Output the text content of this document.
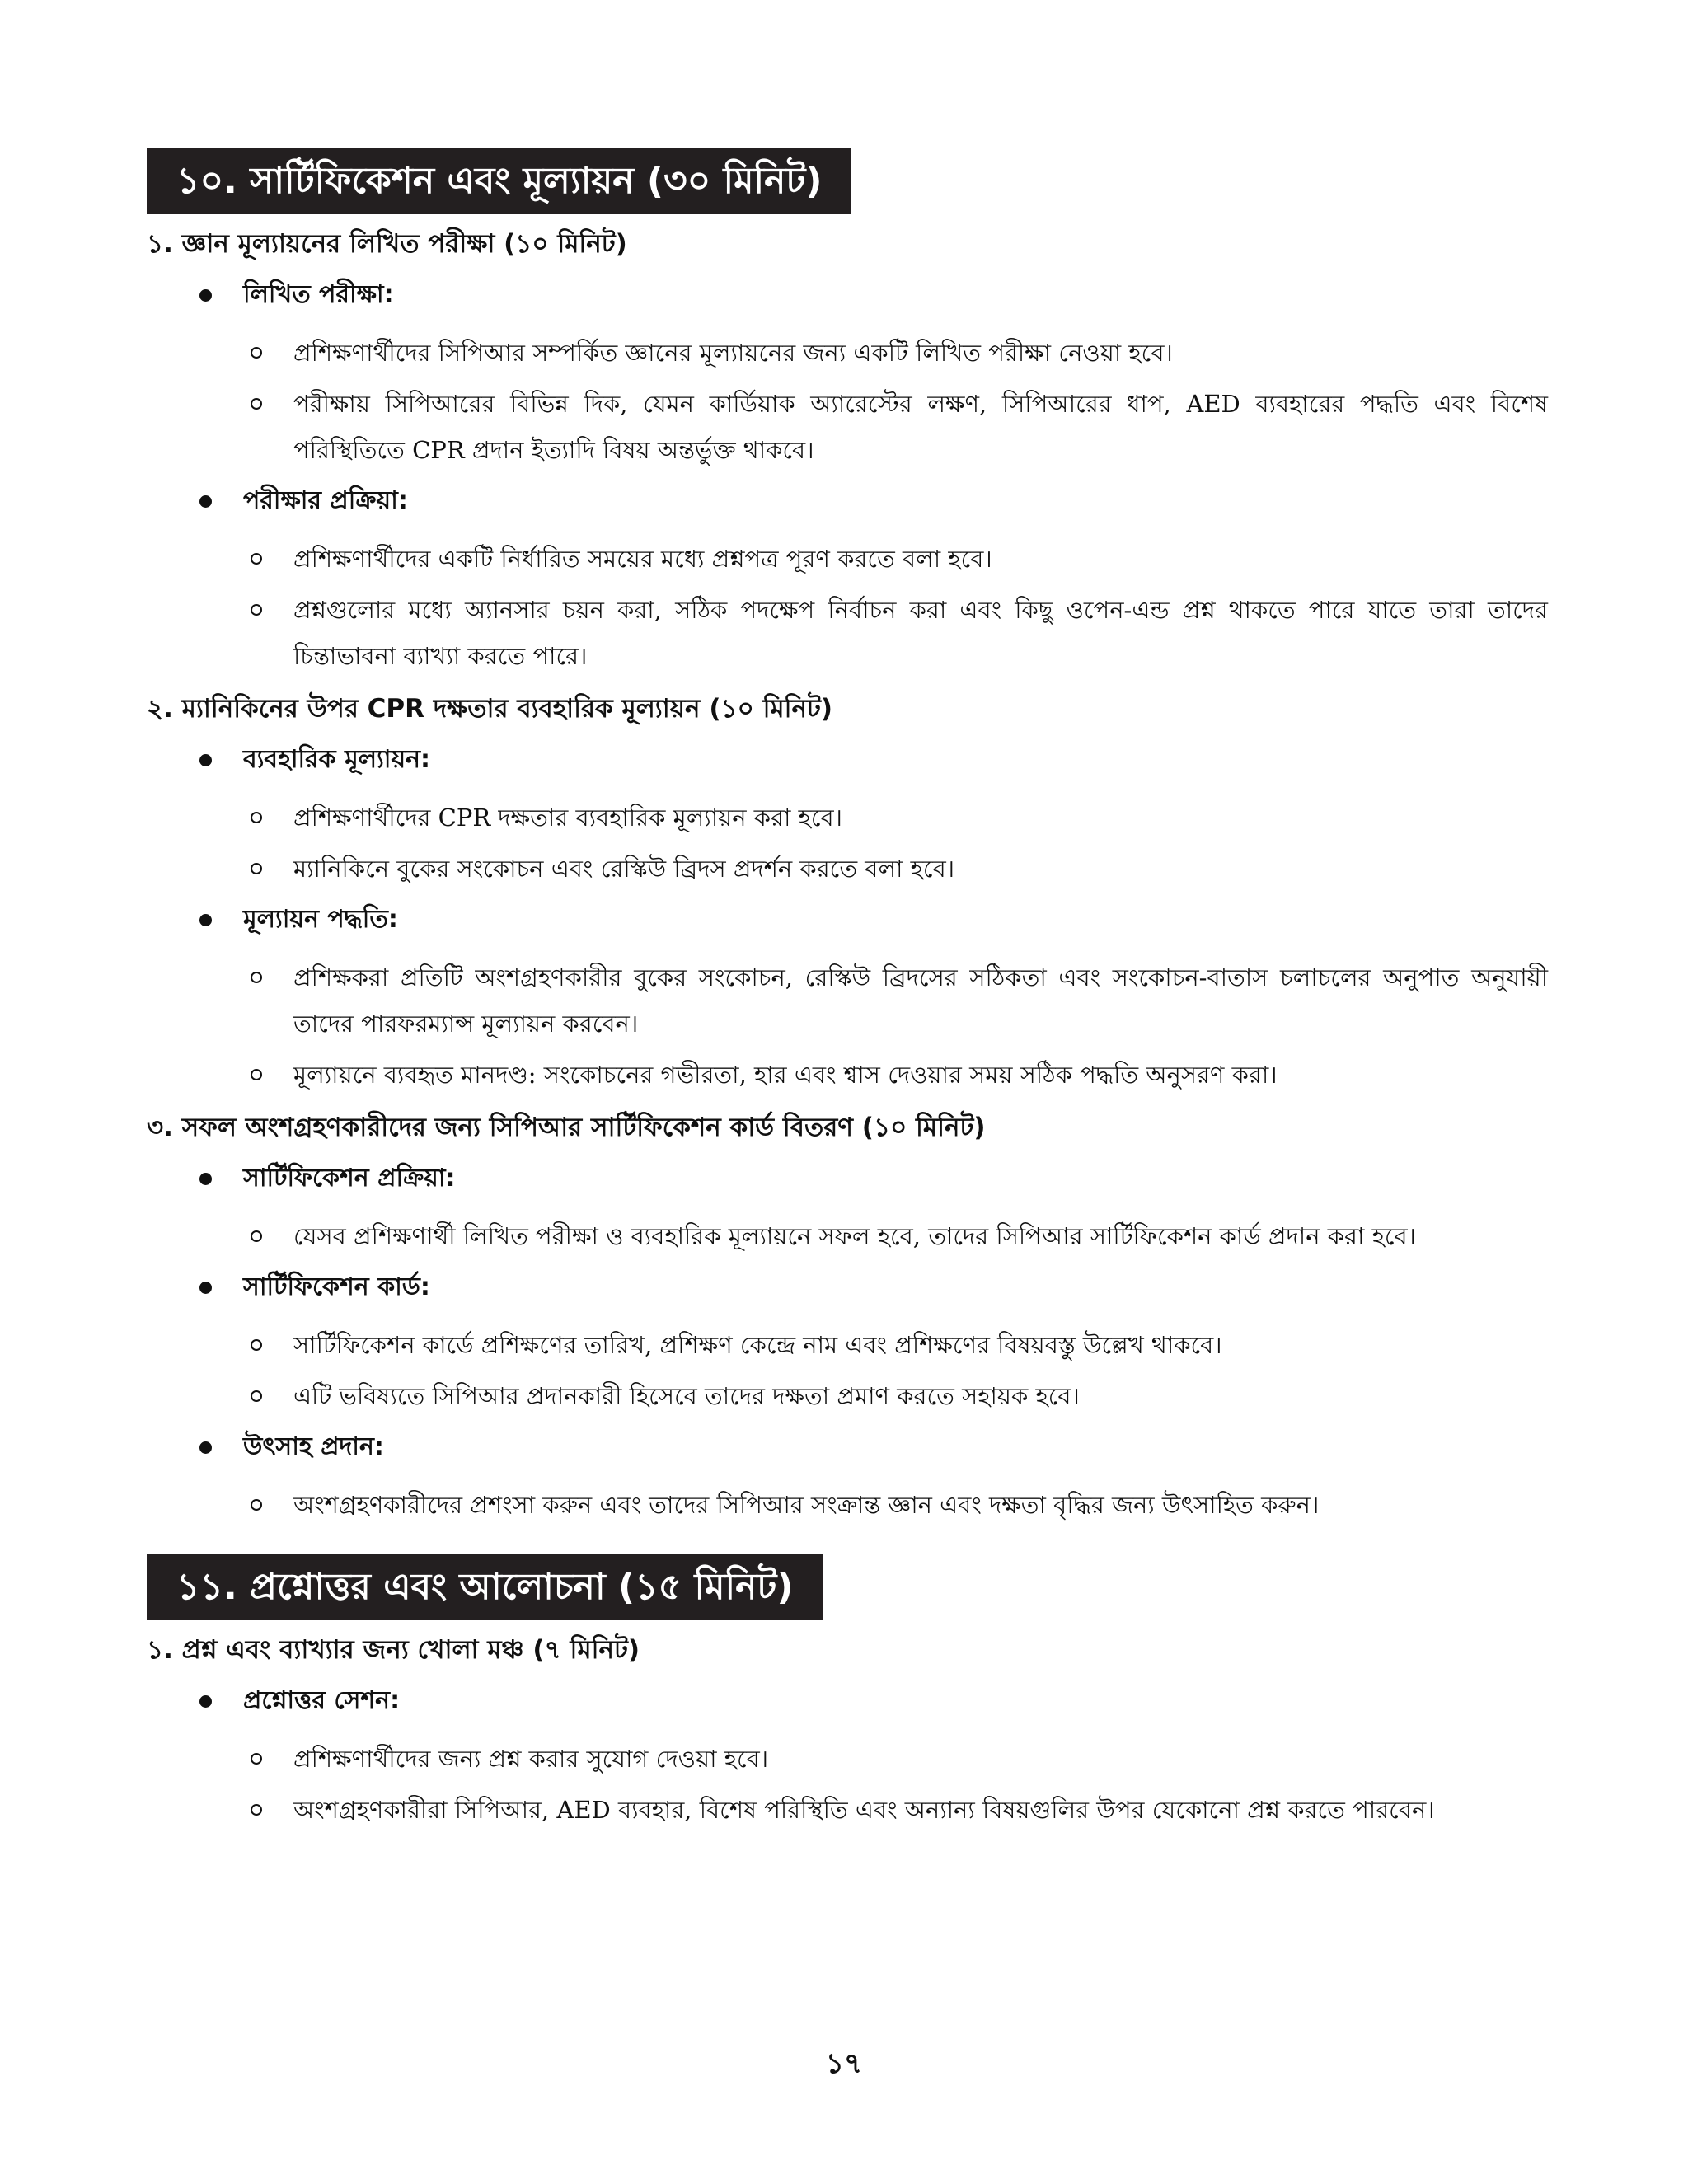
১০. সার্টিফিকেশন এবং মূল্যায়ন (৩০ মিনিট)
১. জ্ঞান মূল্যায়নের লিখিত পরীক্ষা (১০ মিনিট)
লিখিত পরীক্ষা:
প্রশিক্ষণার্থীদের সিপিআর সম্পর্কিত জ্ঞানের মূল্যায়নের জন্য একটি লিখিত পরীক্ষা নেওয়া হবে।
পরীক্ষায় সিপিআরের বিভিন্ন দিক, যেমন কার্ডিয়াক অ্যারেস্টের লক্ষণ, সিপিআরের ধাপ, AED ব্যবহারের পদ্ধতি এবং বিশেষ পরিস্থিতিতে CPR প্রদান ইত্যাদি বিষয় অন্তর্ভুক্ত থাকবে।
পরীক্ষার প্রক্রিয়া:
প্রশিক্ষণার্থীদের একটি নির্ধারিত সময়ের মধ্যে প্রশ্নপত্র পূরণ করতে বলা হবে।
প্রশ্নগুলোর মধ্যে অ্যানসার চয়ন করা, সঠিক পদক্ষেপ নির্বাচন করা এবং কিছু ওপেন-এন্ড প্রশ্ন থাকতে পারে যাতে তারা তাদের চিন্তাভাবনা ব্যাখ্যা করতে পারে।
২. ম্যানিকিনের উপর CPR দক্ষতার ব্যবহারিক মূল্যায়ন (১০ মিনিট)
ব্যবহারিক মূল্যায়ন:
প্রশিক্ষণার্থীদের CPR দক্ষতার ব্যবহারিক মূল্যায়ন করা হবে।
ম্যানিকিনে বুকের সংকোচন এবং রেস্কিউ ব্রিদস প্রদর্শন করতে বলা হবে।
মূল্যায়ন পদ্ধতি:
প্রশিক্ষকরা প্রতিটি অংশগ্রহণকারীর বুকের সংকোচন, রেস্কিউ ব্রিদসের সঠিকতা এবং সংকোচন-বাতাস চলাচলের অনুপাত অনুযায়ী তাদের পারফরম্যান্স মূল্যায়ন করবেন।
মূল্যায়নে ব্যবহৃত মানদণ্ড: সংকোচনের গভীরতা, হার এবং শ্বাস দেওয়ার সময় সঠিক পদ্ধতি অনুসরণ করা।
৩. সফল অংশগ্রহণকারীদের জন্য সিপিআর সার্টিফিকেশন কার্ড বিতরণ (১০ মিনিট)
সার্টিফিকেশন প্রক্রিয়া:
যেসব প্রশিক্ষণার্থী লিখিত পরীক্ষা ও ব্যবহারিক মূল্যায়নে সফল হবে, তাদের সিপিআর সার্টিফিকেশন কার্ড প্রদান করা হবে।
সার্টিফিকেশন কার্ড:
সার্টিফিকেশন কার্ডে প্রশিক্ষণের তারিখ, প্রশিক্ষণ কেন্দ্রে নাম এবং প্রশিক্ষণের বিষয়বস্তু উল্লেখ থাকবে।
এটি ভবিষ্যতে সিপিআর প্রদানকারী হিসেবে তাদের দক্ষতা প্রমাণ করতে সহায়ক হবে।
উৎসাহ প্রদান:
অংশগ্রহণকারীদের প্রশংসা করুন এবং তাদের সিপিআর সংক্রান্ত জ্ঞান এবং দক্ষতা বৃদ্ধির জন্য উৎসাহিত করুন।
১১. প্রশ্নোত্তর এবং আলোচনা (১৫ মিনিট)
১. প্রশ্ন এবং ব্যাখ্যার জন্য খোলা মঞ্চ (৭ মিনিট)
প্রশ্নোত্তর সেশন:
প্রশিক্ষণার্থীদের জন্য প্রশ্ন করার সুযোগ দেওয়া হবে।
অংশগ্রহণকারীরা সিপিআর, AED ব্যবহার, বিশেষ পরিস্থিতি এবং অন্যান্য বিষয়গুলির উপর যেকোনো প্রশ্ন করতে পারবেন।
১৭
